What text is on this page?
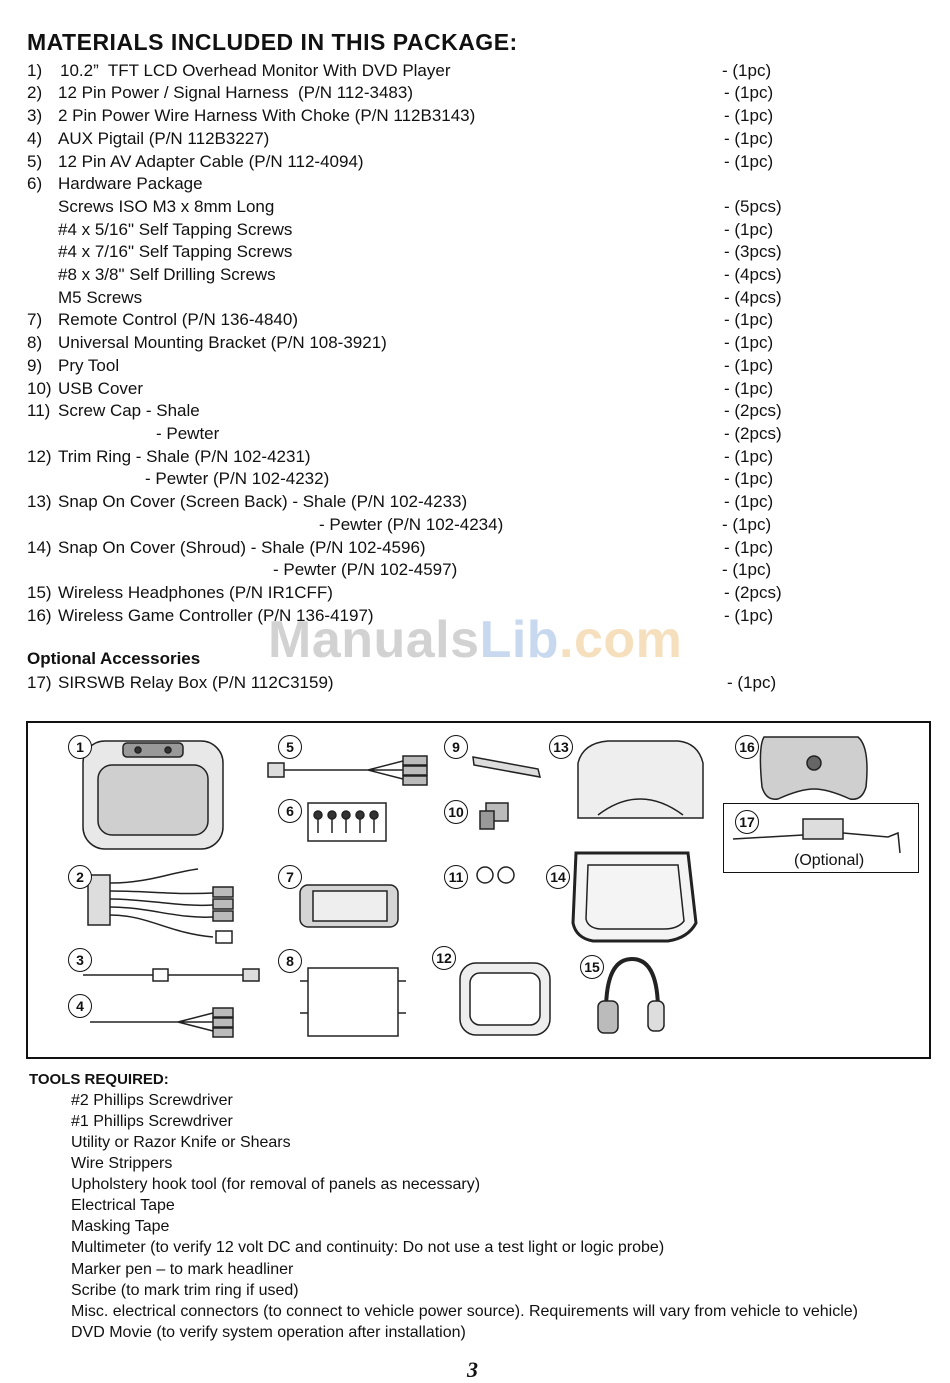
MATERIALS INCLUDED IN THIS PACKAGE:
1) 10.2”  TFT LCD Overhead Monitor With DVD Player	- (1pc)
2) 12 Pin Power / Signal Harness  (P/N 112-3483)	- (1pc)
3) 2 Pin Power Wire Harness With Choke (P/N 112B3143)	- (1pc)
4) AUX Pigtail (P/N 112B3227)	- (1pc)
5) 12 Pin AV Adapter Cable (P/N 112-4094)	- (1pc)
6) Hardware Package
Screws ISO M3 x 8mm Long	- (5pcs)
#4 x 5/16" Self Tapping Screws	- (1pc)
#4 x 7/16" Self Tapping Screws	- (3pcs)
#8 x 3/8" Self Drilling Screws	- (4pcs)
M5 Screws	- (4pcs)
7) Remote Control (P/N 136-4840)	- (1pc)
8) Universal Mounting Bracket (P/N 108-3921)	- (1pc)
9) Pry Tool	- (1pc)
10) USB Cover	- (1pc)
11) Screw Cap - Shale	- (2pcs)
- Pewter	- (2pcs)
12) Trim Ring - Shale (P/N 102-4231)	- (1pc)
- Pewter (P/N 102-4232)	- (1pc)
13) Snap On Cover (Screen Back) - Shale (P/N 102-4233)	- (1pc)
- Pewter (P/N 102-4234)	- (1pc)
14) Snap On Cover (Shroud) - Shale (P/N 102-4596)	- (1pc)
- Pewter (P/N 102-4597)	- (1pc)
15) Wireless Headphones (P/N IR1CFF)	- (2pcs)
16) Wireless Game Controller (P/N 136-4197)	- (1pc)
Optional Accessories
17) SIRSWB Relay Box (P/N 112C3159)	- (1pc)
ManualsLib.com
1
2
3
4
5
6
7
8
9
10
11
12
13
14
15
16
17
(Optional)
TOOLS REQUIRED:
#2 Phillips Screwdriver
#1 Phillips Screwdriver
Utility or Razor Knife or Shears
Wire Strippers
Upholstery hook tool (for removal of panels as necessary)
Electrical Tape
Masking Tape
Multimeter (to verify 12 volt DC and continuity: Do not use a test light or logic probe)
Marker pen – to mark headliner
Scribe (to mark trim ring if used)
Misc. electrical connectors (to connect to vehicle power source). Requirements will vary from vehicle to vehicle)
DVD Movie (to verify system operation after installation)
3
